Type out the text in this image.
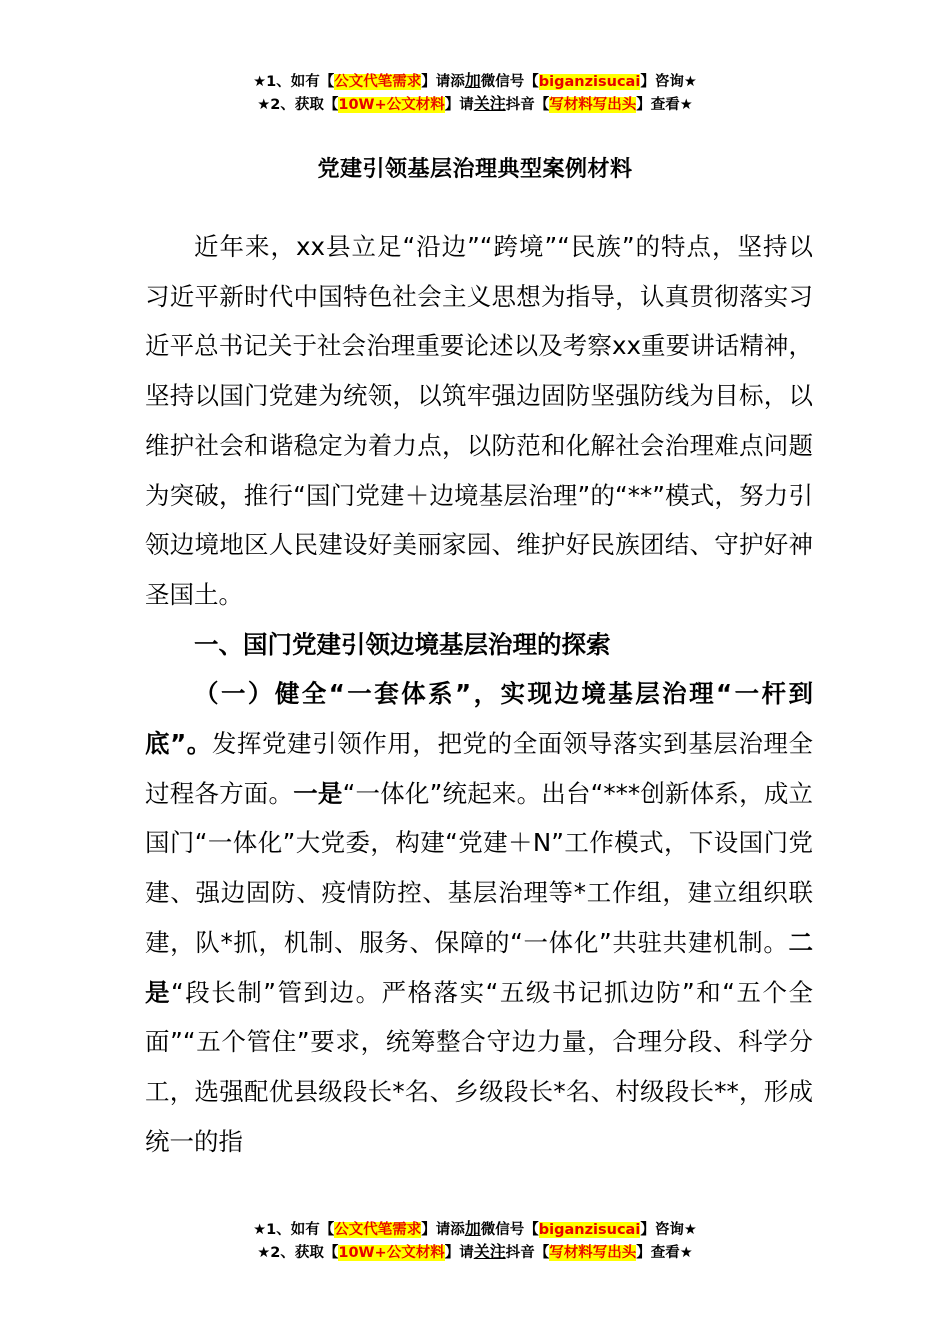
★1、如有【公文代笔需求】请添加微信号【biganzisucai】咨询★
★2、获取【10W+公文材料】请关注抖音【写材料写出头】查看★
党建引领基层治理典型案例材料

近年来，xx县立足“沿边”“跨境”“民族”的特点，坚持以习近平新时代中国特色社会主义思想为指导，认真贯彻落实习近平总书记关于社会治理重要论述以及考察xx重要讲话精神，坚持以国门党建为统领，以筑牢强边固防坚强防线为目标，以维护社会和谐稳定为着力点，以防范和化解社会治理难点问题为突破，推行“国门党建＋边境基层治理”的“**”模式，努力引领边境地区人民建设好美丽家园、维护好民族团结、守护好神圣国土。

一、国门党建引领边境基层治理的探索

（一）健全“一套体系”，实现边境基层治理“一杆到底”。发挥党建引领作用，把党的全面领导落实到基层治理全过程各方面。一是“一体化”统起来。出台“***创新体系，成立国门“一体化”大党委，构建“党建＋N”工作模式，下设国门党建、强边固防、疫情防控、基层治理等*工作组，建立组织联建，队*抓，机制、服务、保障的“一体化”共驻共建机制。二是“段长制”管到边。严格落实“五级书记抓边防”和“五个全面”“五个管住”要求，统筹整合守边力量，合理分段、科学分工，选强配优县级段长*名、乡级段长*名、村级段长**，形成统一的指

★1、如有【公文代笔需求】请添加微信号【biganzisucai】咨询★
★2、获取【10W+公文材料】请关注抖音【写材料写出头】查看★
